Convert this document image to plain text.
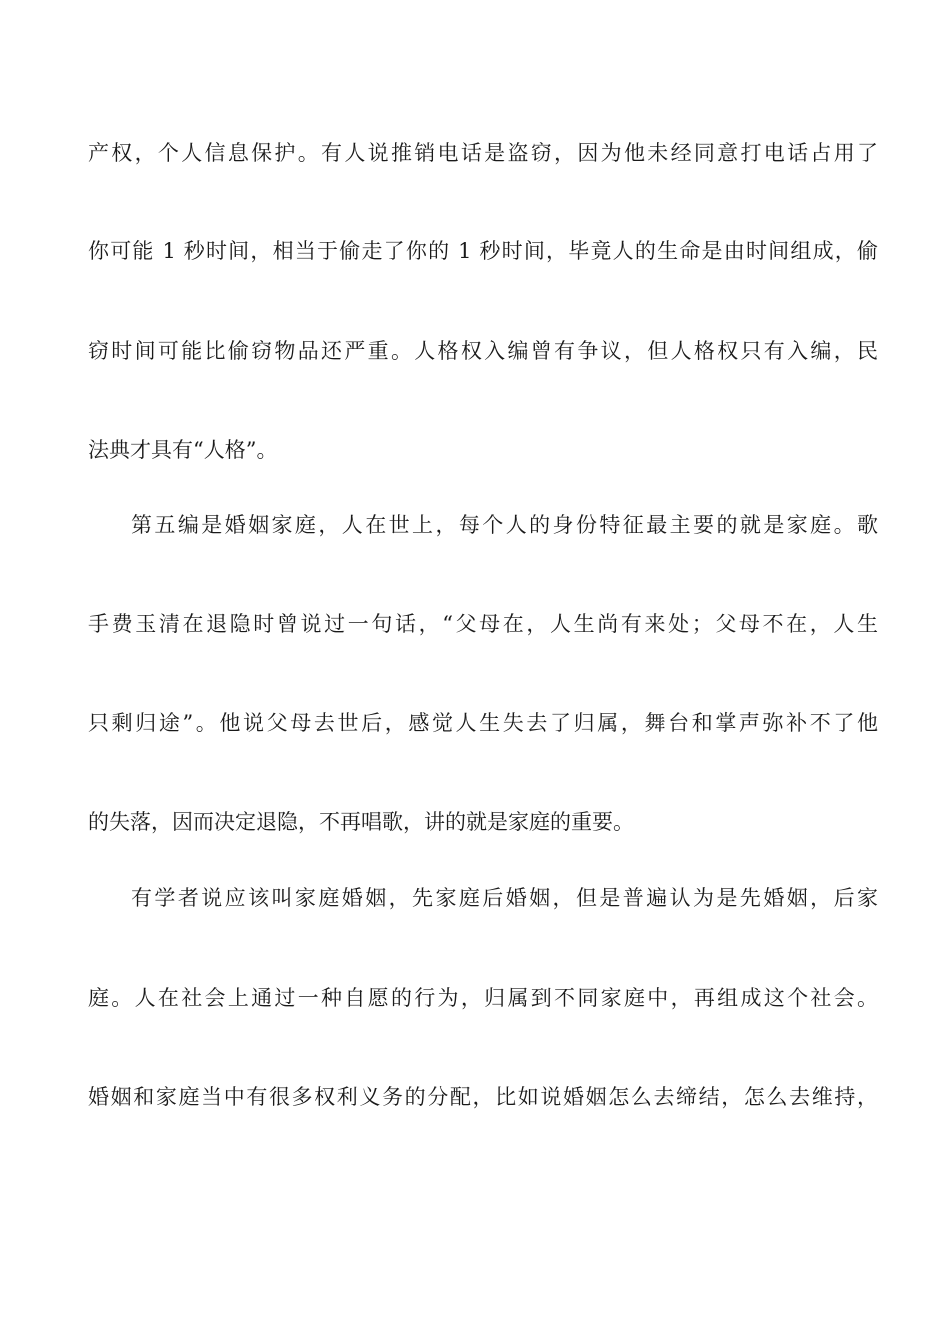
产权，个人信息保护。有人说推销电话是盗窃，因为他未经同意打电话占用了
你可能 1 秒时间，相当于偷走了你的 1 秒时间，毕竟人的生命是由时间组成，偷
窃时间可能比偷窃物品还严重。人格权入编曾有争议，但人格权只有入编，民
法典才具有“人格”。
第五编是婚姻家庭，人在世上，每个人的身份特征最主要的就是家庭。歌
手费玉清在退隐时曾说过一句话，“父母在，人生尚有来处；父母不在，人生
只剩归途”。他说父母去世后，感觉人生失去了归属，舞台和掌声弥补不了他
的失落，因而决定退隐，不再唱歌，讲的就是家庭的重要。
有学者说应该叫家庭婚姻，先家庭后婚姻，但是普遍认为是先婚姻，后家
庭。人在社会上通过一种自愿的行为，归属到不同家庭中，再组成这个社会。
婚姻和家庭当中有很多权利义务的分配，比如说婚姻怎么去缔结，怎么去维持，
